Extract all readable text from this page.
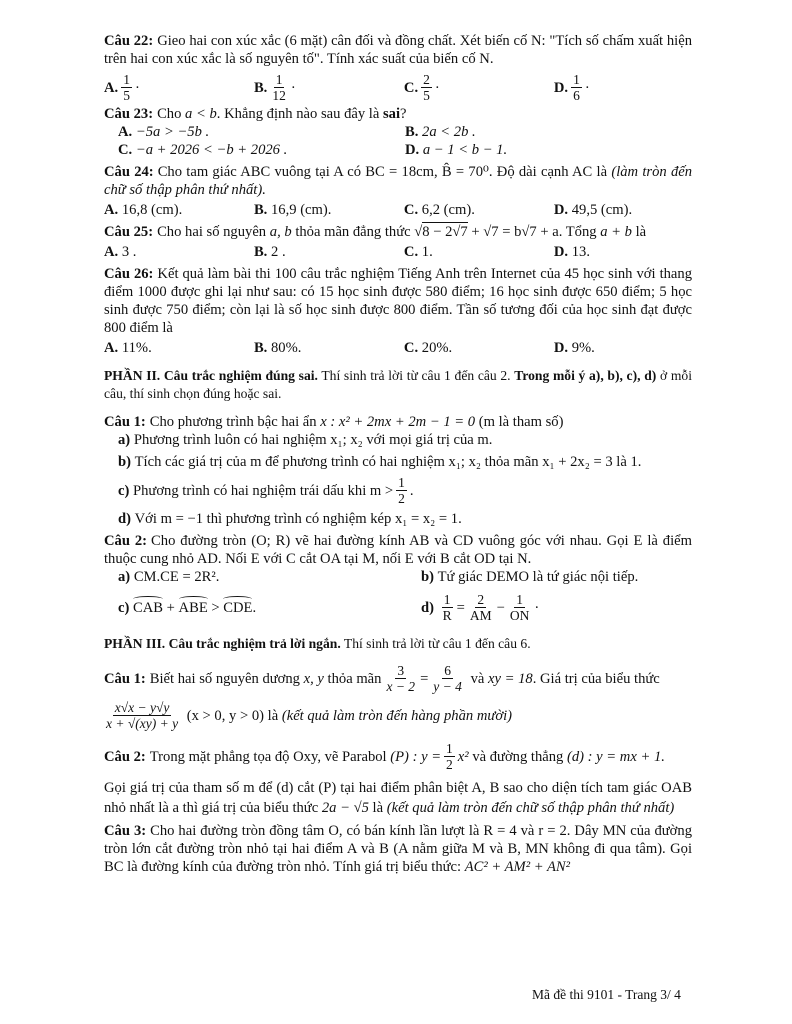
Câu 22: Gieo hai con xúc xắc (6 mặt) cân đối và đồng chất. Xét biến cố N: "Tích số chấm xuất hiện trên hai con xúc xắc là số nguyên tố". Tính xác suất của biến cố N.

A. $\frac{1}{5}$ ·	B. $\frac{1}{12}$ ·	C. $\frac{2}{5}$ ·	D. $\frac{1}{6}$ ·

Câu 23: Cho a < b. Khẳng định nào sau đây là sai?

A.
−5a > −5b .	B.
2a < 2b .
C.
−a + 2026 < −b + 2026 .	D.
a − 1 < b − 1.

Câu 24: Cho tam giác ABC vuông tại A có BC = 18cm, B̂ = 70⁰. Độ dài cạnh AC là (làm tròn đến chữ số thập phân thứ nhất).

A.
16,8 (cm).	B.
16,9 (cm).	C.
6,2 (cm).	D.
49,5 (cm).

Câu 25: Cho hai số nguyên a, b thỏa mãn đẳng thức √8 − 2√7 + √7 = b√7 + a. Tổng a + b là

A.
3 .	B.
2 .	C.
1.	D.
13.

Câu 26: Kết quả làm bài thi 100 câu trắc nghiệm Tiếng Anh trên Internet của 45 học sinh với thang điểm 1000 được ghi lại như sau: có 15 học sinh được 580 điểm; 16 học sinh được 650 điểm; 5 học sinh được 750 điểm; còn lại là số học sinh được 800 điểm. Tần số tương đối của học sinh đạt được 800 điểm là

A.
11%.	B.
80%.	C.
20%.	D.
9%.

PHẦN II. Câu trắc nghiệm đúng sai. Thí sinh trả lời từ câu 1 đến câu 2. Trong mỗi ý a), b), c), d) ở mỗi câu, thí sinh chọn đúng hoặc sai.

Câu 1: Cho phương trình bậc hai ẩn x : x² + 2mx + 2m − 1 = 0 (m là tham số)

a)
Phương trình luôn có hai nghiệm x₁; x₂ với mọi giá trị của m.
b)
Tích các giá trị của m để phương trình có hai nghiệm x₁; x₂ thỏa mãn x₁ + 2x₂ = 3 là 1.
c)
Phương trình có hai nghiệm trái dấu khi $m > \frac{1}{2}$ .
d)
Với m = −1 thì phương trình có nghiệm kép x₁ = x₂ = 1.

Câu 2: Cho đường tròn (O; R) vẽ hai đường kính AB và CD vuông góc với nhau. Gọi E là điểm thuộc cung nhỏ AD. Nối E với C cắt OA tại M, nối E với B cắt OD tại N.

a)
CM.CE = 2R².	b)
Tứ giác DEMO là tứ giác nội tiếp.
c)
CAB + ABE > CDE .	d)
$\frac{1}{R} = \frac{2}{AM} - \frac{1}{ON}$ ·

PHẦN III. Câu trắc nghiệm trả lời ngắn. Thí sinh trả lời từ câu 1 đến câu 6.

Câu 1: Biết hai số nguyên dương
x, y
thỏa mãn $\frac{3}{x - 2} = \frac{6}{y - 4}$
và
xy = 18 . Giá trị của biểu thức

$\frac{x√x - y√y}{x + √(xy) + y}$
(x > 0, y > 0) là
(kết quả làm tròn đến hàng phần mười)

Câu 2: Trong mặt phẳng tọa độ Oxy, vẽ Parabol
(P) : $y = \frac{1}{2} x^2$
và đường thẳng
(d) : y = mx + 1.

Gọi giá trị của tham số m để (d) cắt (P) tại hai điểm phân biệt A, B sao cho diện tích tam giác OAB nhỏ nhất là a thì giá trị của biểu thức 2a − √5 là (kết quả làm tròn đến chữ số thập phân thứ nhất)

Câu 3: Cho hai đường tròn đồng tâm O, có bán kính lần lượt là R = 4 và r = 2. Dây MN của đường tròn lớn cắt đường tròn nhỏ tại hai điểm A và B (A nằm giữa M và B, MN không đi qua tâm). Gọi BC là đường kính của đường tròn nhỏ. Tính giá trị biểu thức: AC² + AM² + AN²

Mã đề thi 9101 - Trang 3/ 4
